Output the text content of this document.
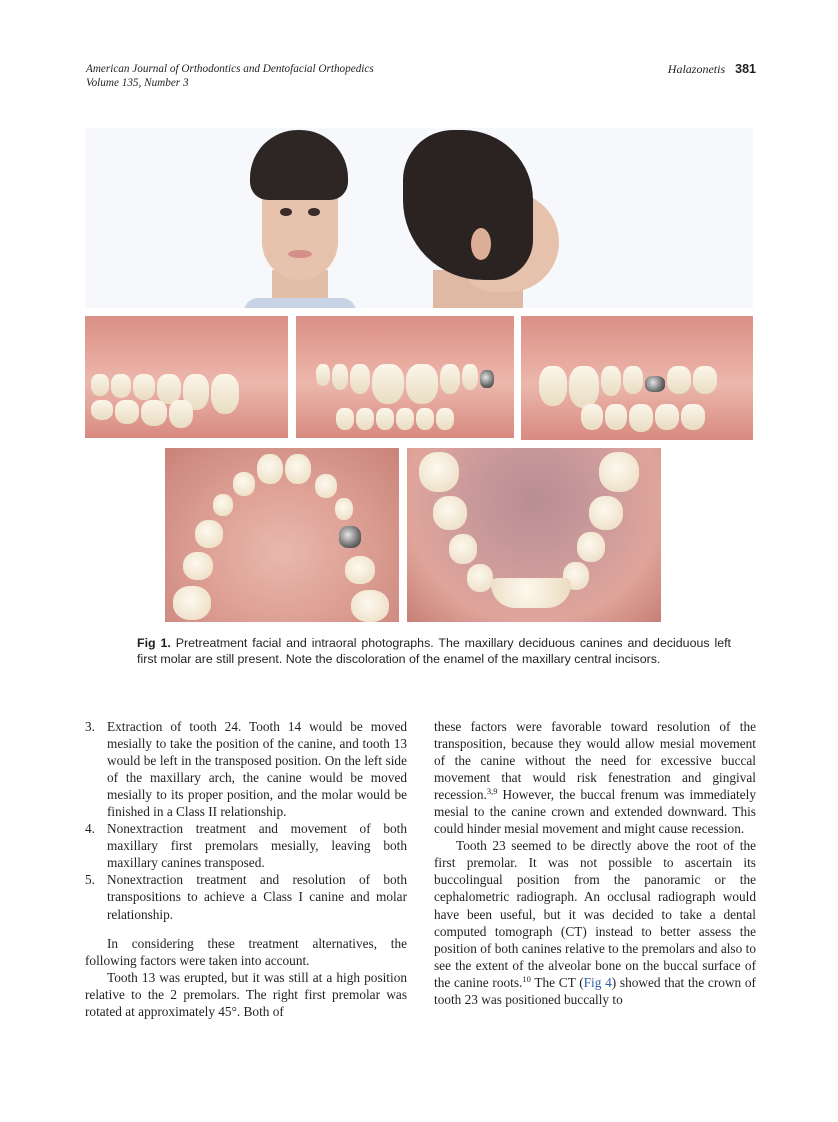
American Journal of Orthodontics and Dentofacial Orthopedics
Volume 135, Number 3
Halazonetis 381
Fig 1. Pretreatment facial and intraoral photographs. The maxillary deciduous canines and deciduous left first molar are still present. Note the discoloration of the enamel of the maxillary central incisors.
3. Extraction of tooth 24. Tooth 14 would be moved mesially to take the position of the canine, and tooth 13 would be left in the transposed position. On the left side of the maxillary arch, the canine would be moved mesially to its proper position, and the molar would be finished in a Class II relationship.
4. Nonextraction treatment and movement of both maxillary first premolars mesially, leaving both maxillary canines transposed.
5. Nonextraction treatment and resolution of both transpositions to achieve a Class I canine and molar relationship.

In considering these treatment alternatives, the following factors were taken into account.

Tooth 13 was erupted, but it was still at a high position relative to the 2 premolars. The right first premolar was rotated at approximately 45°. Both of

these factors were favorable toward resolution of the transposition, because they would allow mesial movement of the canine without the need for excessive buccal movement that would risk fenestration and gingival recession.$^{3,9}$ However, the buccal frenum was immediately mesial to the canine crown and extended downward. This could hinder mesial movement and might cause recession.

Tooth 23 seemed to be directly above the root of the first premolar. It was not possible to ascertain its buccolingual position from the panoramic or the cephalometric radiograph. An occlusal radiograph would have been useful, but it was decided to take a dental computed tomograph (CT) instead to better assess the position of both canines relative to the premolars and also to see the extent of the alveolar bone on the buccal surface of the canine roots.$^{10}$ The CT (Fig 4) showed that the crown of tooth 23 was positioned buccally to
